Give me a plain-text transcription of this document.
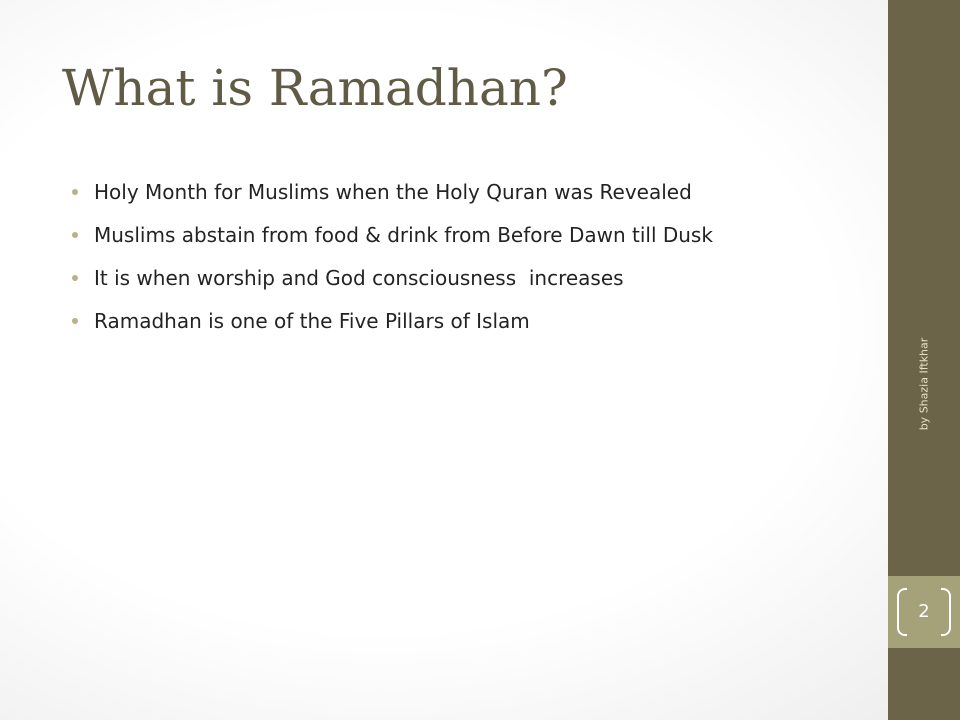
What is Ramadhan?
Holy Month for Muslims when the Holy Quran was Revealed
Muslims abstain from food & drink from Before Dawn till Dusk
It is when worship and God consciousness  increases
Ramadhan is one of the Five Pillars of Islam
by Shazia Iftkhar
2
